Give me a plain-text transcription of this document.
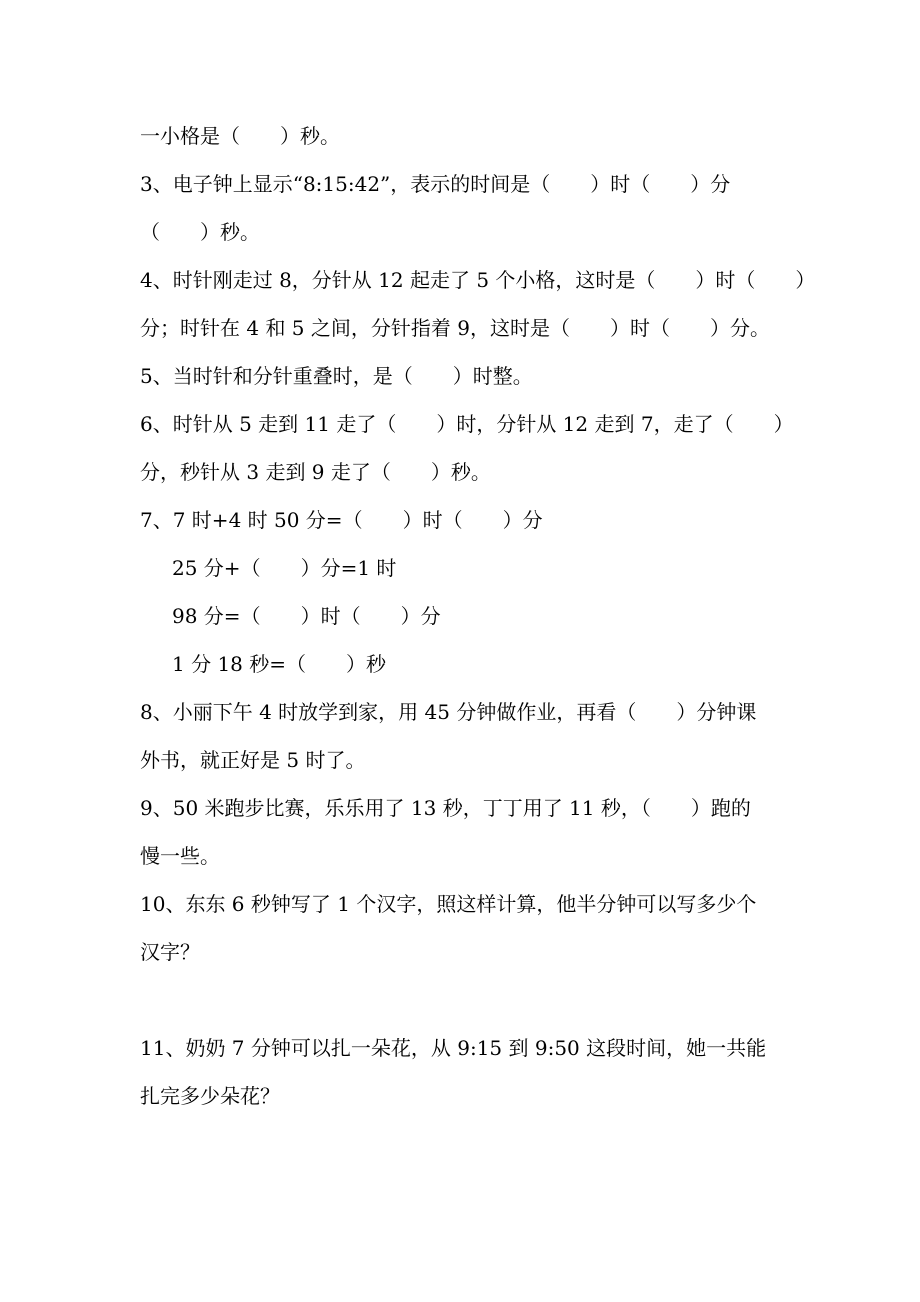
一小格是（　　）秒。

3、电子钟上显示“8:15:42”，表示的时间是（　　）时（　　）分

（　　）秒。

4、时针刚走过 8，分针从 12 起走了 5 个小格，这时是（　　）时（　　）

分；时针在 4 和 5 之间，分针指着 9，这时是（　　）时（　　）分。

5、当时针和分针重叠时，是（　　）时整。

6、时针从 5 走到 11 走了（　　）时，分针从 12 走到 7，走了（　　）

分，秒针从 3 走到 9 走了（　　）秒。

7、7 时+4 时 50 分=（　　）时（　　）分

25 分+（　　）分=1 时

98 分=（　　）时（　　）分

1 分 18 秒=（　　）秒

8、小丽下午 4 时放学到家，用 45 分钟做作业，再看（　　）分钟课

外书，就正好是 5 时了。

9、50 米跑步比赛，乐乐用了 13 秒，丁丁用了 11 秒，（　　）跑的

慢一些。

10、东东 6 秒钟写了 1 个汉字，照这样计算，他半分钟可以写多少个

汉字？

11、奶奶 7 分钟可以扎一朵花，从 9:15 到 9:50 这段时间，她一共能

扎完多少朵花？
